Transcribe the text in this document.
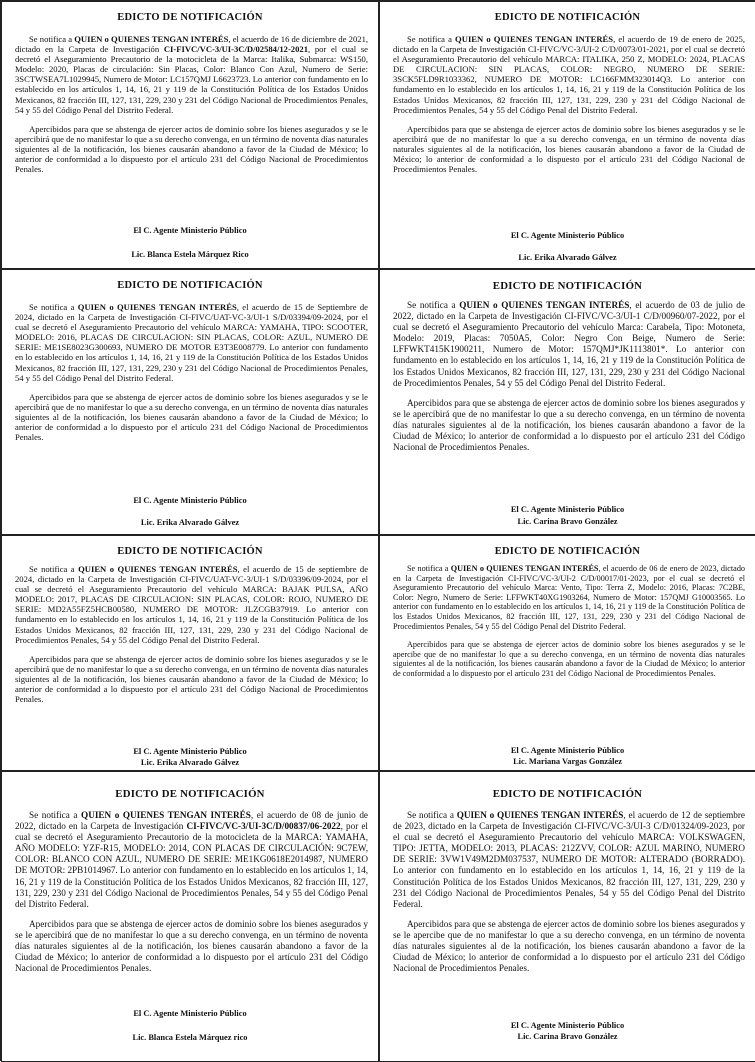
EDICTO DE NOTIFICACIÓN

Se notifica a QUIEN o QUIENES TENGAN INTERÉS, el acuerdo de 16 de diciembre de 2021, dictado en la Carpeta de Investigación CI-FIVC/VC-3/UI-3C/D/02584/12-2021, por el cual se decretó el Aseguramiento Precautorio de la motocicleta de la Marca: Italika, Submarca: WS150, Modelo: 2020, Placas de circulación: Sin Placas, Color: Blanco Con Azul, Numero de Serie: 3SCTWSEA7L1029945, Numero de Motor: LC157QMJ L6623723. Lo anterior con fundamento en lo establecido en los artículos 1, 14, 16, 21 y 119 de la Constitución Política de los Estados Unidos Mexicanos, 82 fracción III, 127, 131, 229, 230 y 231 del Código Nacional de Procedimientos Penales, 54 y 55 del Código Penal del Distrito Federal.

Apercibidos para que se abstenga de ejercer actos de dominio sobre los bienes asegurados y se le apercibirá que de no manifestar lo que a su derecho convenga, en un término de noventa días naturales siguientes al de la notificación, los bienes causarán abandono a favor de la Ciudad de México; lo anterior de conformidad a lo dispuesto por el artículo 231 del Código Nacional de Procedimientos Penales.

El C. Agente Ministerio Público
Lic. Blanca Estela Márquez Rico
EDICTO DE NOTIFICACIÓN

Se notifica a QUIEN o QUIENES TENGAN INTERÉS, el acuerdo de 19 de enero de 2025, dictado en la Carpeta de Investigación CI-FIVC/VC-3/UI-2 C/D/0073/01-2021, por el cual se decretó el Aseguramiento Precautorio del vehículo MARCA: ITALIKA, 250 Z, MODELO: 2024, PLACAS DE CIRCULACION: SIN PLACAS, COLOR: NEGRO, NUMERO DE SERIE: 3SCK5FLD9R1033362, NUMERO DE MOTOR: LC166FMM323014Q3. Lo anterior con fundamento en lo establecido en los artículos 1, 14, 16, 21 y 119 de la Constitución Política de los Estados Unidos Mexicanos, 82 fracción III, 127, 131, 229, 230 y 231 del Código Nacional de Procedimientos Penales, 54 y 55 del Código Penal del Distrito Federal.

Apercibidos para que se abstenga de ejercer actos de dominio sobre los bienes asegurados y se le apercibirá que de no manifestar lo que a su derecho convenga, en un término de noventa días naturales siguientes al de la notificación, los bienes causarán abandono a favor de la Ciudad de México; lo anterior de conformidad a lo dispuesto por el artículo 231 del Código Nacional de Procedimientos Penales.

El C. Agente Ministerio Público
Lic. Erika Alvarado Gálvez
EDICTO DE NOTIFICACIÓN

Se notifica a QUIEN o QUIENES TENGAN INTERÉS, el acuerdo de 15 de Septiembre de 2024, dictado en la Carpeta de Investigación CI-FIVC/UAT-VC-3/UI-1 S/D/03394/09-2024, por el cual se decretó el Aseguramiento Precautorio del vehículo MARCA: YAMAHA, TIPO: SCOOTER, MODELO: 2016, PLACAS DE CIRCULACION: SIN PLACAS, COLOR: AZUL, NUMERO DE SERIE: ME1SE8023G300693, NUMERO DE MOTOR E3T3E008779. Lo anterior con fundamento en lo establecido en los artículos 1, 14, 16, 21 y 119 de la Constitución Política de los Estados Unidos Mexicanos, 82 fracción III, 127, 131, 229, 230 y 231 del Código Nacional de Procedimientos Penales, 54 y 55 del Código Penal del Distrito Federal.

Apercibidos para que se abstenga de ejercer actos de dominio sobre los bienes asegurados y se le apercibirá que de no manifestar lo que a su derecho convenga, en un término de noventa días naturales siguientes al de la notificación, los bienes causarán abandono a favor de la Ciudad de México; lo anterior de conformidad a lo dispuesto por el artículo 231 del Código Nacional de Procedimientos Penales.

El C. Agente Ministerio Público
Lic. Erika Alvarado Gálvez
EDICTO DE NOTIFICACIÓN

Se notifica a QUIEN o QUIENES TENGAN INTERÉS, el acuerdo de 03 de julio de 2022, dictado en la Carpeta de Investigación CI-FIVC/VC-3/UI-1 C/D/00960/07-2022, por el cual se decretó el Aseguramiento Precautorio del vehículo Marca: Carabela, Tipo: Motoneta, Modelo: 2019, Placas: 7050A5, Color: Negro Con Beige, Numero de Serie: LFFWKT415K1900211, Numero de Motor: 157QMJ*JK1113801*. Lo anterior con fundamento en lo establecido en los artículos 1, 14, 16, 21 y 119 de la Constitución Política de los Estados Unidos Mexicanos, 82 fracción III, 127, 131, 229, 230 y 231 del Código Nacional de Procedimientos Penales, 54 y 55 del Código Penal del Distrito Federal.

Apercibidos para que se abstenga de ejercer actos de dominio sobre los bienes asegurados y se le apercibirá que de no manifestar lo que a su derecho convenga, en un término de noventa días naturales siguientes al de la notificación, los bienes causarán abandono a favor de la Ciudad de México; lo anterior de conformidad a lo dispuesto por el artículo 231 del Código Nacional de Procedimientos Penales.

El C. Agente Ministerio Público
Lic. Carina Bravo González
EDICTO DE NOTIFICACIÓN

Se notifica a QUIEN o QUIENES TENGAN INTERÉS, el acuerdo de 15 de septiembre de 2024, dictado en la Carpeta de Investigación CI-FIVC/UAT-VC-3/UI-1 S/D/03396/09-2024, por el cual se decretó el Aseguramiento Precautorio del vehículo MARCA: BAJAK PULSA, AÑO MODELO: 2017, PLACAS DE CIRCULACION: SIN PLACAS, COLOR: ROJO, NUMERO DE SERIE: MD2A55FZ5HCB00580, NUMERO DE MOTOR: JLZCGB37919. Lo anterior con fundamento en lo establecido en los artículos 1, 14, 16, 21 y 119 de la Constitución Política de los Estados Unidos Mexicanos, 82 fracción III, 127, 131, 229, 230 y 231 del Código Nacional de Procedimientos Penales, 54 y 55 del Código Penal del Distrito Federal.

Apercibidos para que se abstenga de ejercer actos de dominio sobre los bienes asegurados y se le apercibirá que de no manifestar lo que a su derecho convenga, en un término de noventa días naturales siguientes al de la notificación, los bienes causarán abandono a favor de la Ciudad de México; lo anterior de conformidad a lo dispuesto por el artículo 231 del Código Nacional de Procedimientos Penales.

El C. Agente Ministerio Público
Lic. Erika Alvarado Gálvez
EDICTO DE NOTIFICACIÓN

Se notifica a QUIEN o QUIENES TENGAN INTERÉS, el acuerdo de 06 de enero de 2023, dictado en la Carpeta de Investigación CI-FIVC/VC-3/UI-2 C/D/00017/01-2023, por el cual se decretó el Aseguramiento Precautorio del vehículo Marca: Vento, Tipo: Terra Z, Modelo: 2016, Placas: 7C2BE, Color: Negro, Numero de Serie: LFFWKT40XG1903264, Numero de Motor: 157QMJ G10003565. Lo anterior con fundamento en lo establecido en los artículos 1, 14, 16, 21 y 119 de la Constitución Política de los Estados Unidos Mexicanos, 82 fracción III, 127, 131, 229, 230 y 231 del Código Nacional de Procedimientos Penales, 54 y 55 del Código Penal del Distrito Federal.

Apercibidos para que se abstenga de ejercer actos de dominio sobre los bienes asegurados y se le apercibe que de no manifestar lo que a su derecho convenga, en un término de noventa días naturales siguientes al de la notificación, los bienes causarán abandono a favor de la Ciudad de México; lo anterior de conformidad a lo dispuesto por el artículo 231 del Código Nacional de Procedimientos Penales.

El C. Agente Ministerio Público
Lic. Mariana Vargas González
EDICTO DE NOTIFICACIÓN

Se notifica a QUIEN o QUIENES TENGAN INTERÉS, el acuerdo de 08 de junio de 2022, dictado en la Carpeta de Investigación CI-FIVC/VC-3/UI-3C/D/00837/06-2022, por el cual se decretó el Aseguramiento Precautorio de la motocicleta de la MARCA: YAMAHA, AÑO MODELO: YZF-R15, MODELO: 2014, CON PLACAS DE CIRCULACIÓN: 9C7EW, COLOR: BLANCO CON AZUL, NUMERO DE SERIE: ME1KG0618E2014987, NUMERO DE MOTOR: 2PB1014967. Lo anterior con fundamento en lo establecido en los artículos 1, 14, 16, 21 y 119 de la Constitución Política de los Estados Unidos Mexicanos, 82 fracción III, 127, 131, 229, 230 y 231 del Código Nacional de Procedimientos Penales, 54 y 55 del Código Penal del Distrito Federal.

Apercibidos para que se abstenga de ejercer actos de dominio sobre los bienes asegurados y se le apercibirá que de no manifestar lo que a su derecho convenga, en un término de noventa días naturales siguientes al de la notificación, los bienes causarán abandono a favor de la Ciudad de México; lo anterior de conformidad a lo dispuesto por el artículo 231 del Código Nacional de Procedimientos Penales.

El C. Agente Ministerio Público
Lic. Blanca Estela Márquez rico
EDICTO DE NOTIFICACIÓN

Se notifica a QUIEN o QUIENES TENGAN INTERÉS, el acuerdo de 12 de septiembre de 2023, dictado en la Carpeta de Investigación CI-FIVC/VC-3/UI-3 C/D/01324/09-2023, por el cual se decretó el Aseguramiento Precautorio del vehículo MARCA: VOLKSWAGEN, TIPO: JETTA, MODELO: 2013, PLACAS: 212ZVV, COLOR: AZUL MARINO, NUMERO DE SERIE: 3VW1V49M2DM037537, NUMERO DE MOTOR: ALTERADO (BORRADO). Lo anterior con fundamento en lo establecido en los artículos 1, 14, 16, 21 y 119 de la Constitución Política de los Estados Unidos Mexicanos, 82 fracción III, 127, 131, 229, 230 y 231 del Código Nacional de Procedimientos Penales, 54 y 55 del Código Penal del Distrito Federal.

Apercibidos para que se abstenga de ejercer actos de dominio sobre los bienes asegurados y se le apercibe que de no manifestar lo que a su derecho convenga, en un término de noventa días naturales siguientes al de la notificación, los bienes causarán abandono a favor de la Ciudad de México; lo anterior de conformidad a lo dispuesto por el artículo 231 del Código Nacional de Procedimientos Penales.

El C. Agente Ministerio Público
Lic. Carina Bravo González
